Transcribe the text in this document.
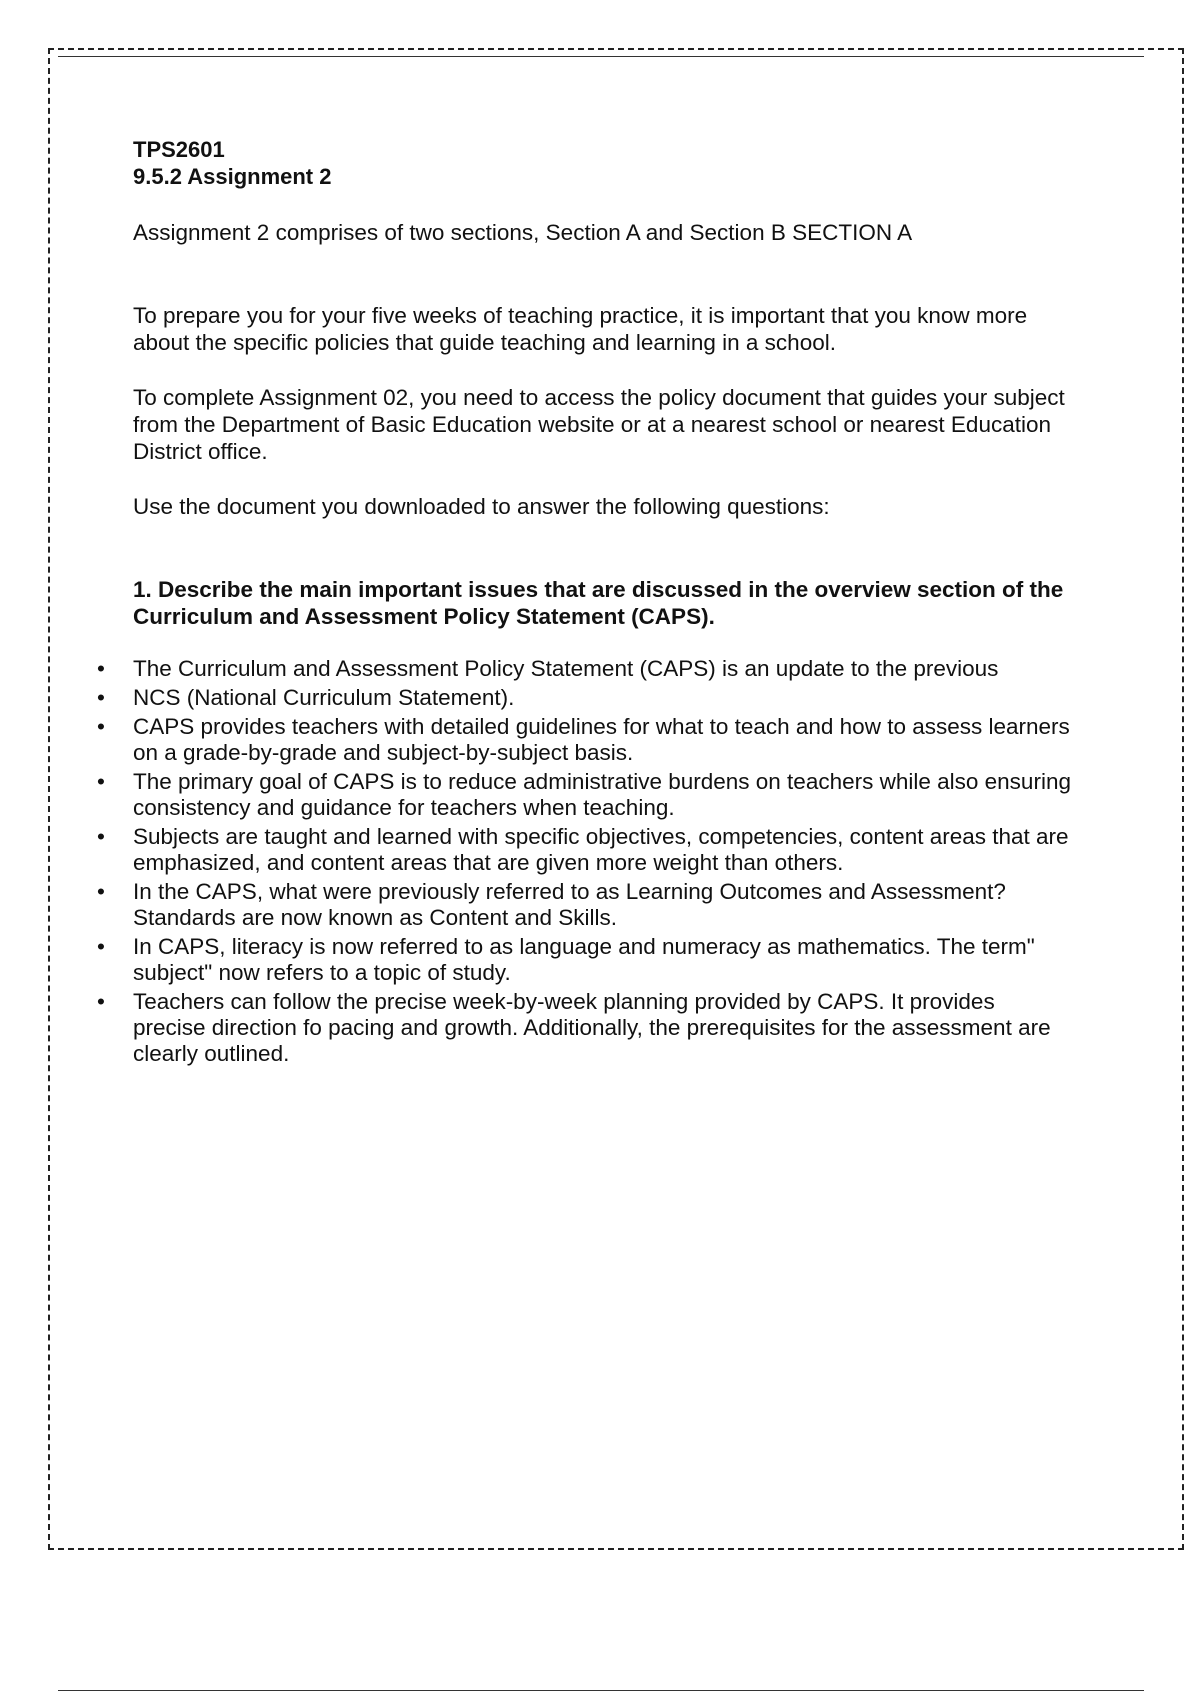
TPS2601
9.5.2 Assignment 2

Assignment 2 comprises of two sections, Section A and Section B SECTION A

To prepare you for your five weeks of teaching practice, it is important that you know more about the specific policies that guide teaching and learning in a school.

To complete Assignment 02, you need to access the policy document that guides your subject from the Department of Basic Education website or at a nearest school or nearest Education District office.

Use the document you downloaded to answer the following questions:

1. Describe the main important issues that are discussed in the overview section of the Curriculum and Assessment Policy Statement (CAPS).

• The Curriculum and Assessment Policy Statement (CAPS) is an update to the previous
• NCS (National Curriculum Statement).
• CAPS provides teachers with detailed guidelines for what to teach and how to assess learners on a grade-by-grade and subject-by-subject basis.
• The primary goal of CAPS is to reduce administrative burdens on teachers while also ensuring consistency and guidance for teachers when teaching.
• Subjects are taught and learned with specific objectives, competencies, content areas that are emphasized, and content areas that are given more weight than others.
• In the CAPS, what were previously referred to as Learning Outcomes and Assessment? Standards are now known as Content and Skills.
• In CAPS, literacy is now referred to as language and numeracy as mathematics. The term" subject" now refers to a topic of study.
• Teachers can follow the precise week-by-week planning provided by CAPS. It provides precise direction fo pacing and growth. Additionally, the prerequisites for the assessment are clearly outlined.
